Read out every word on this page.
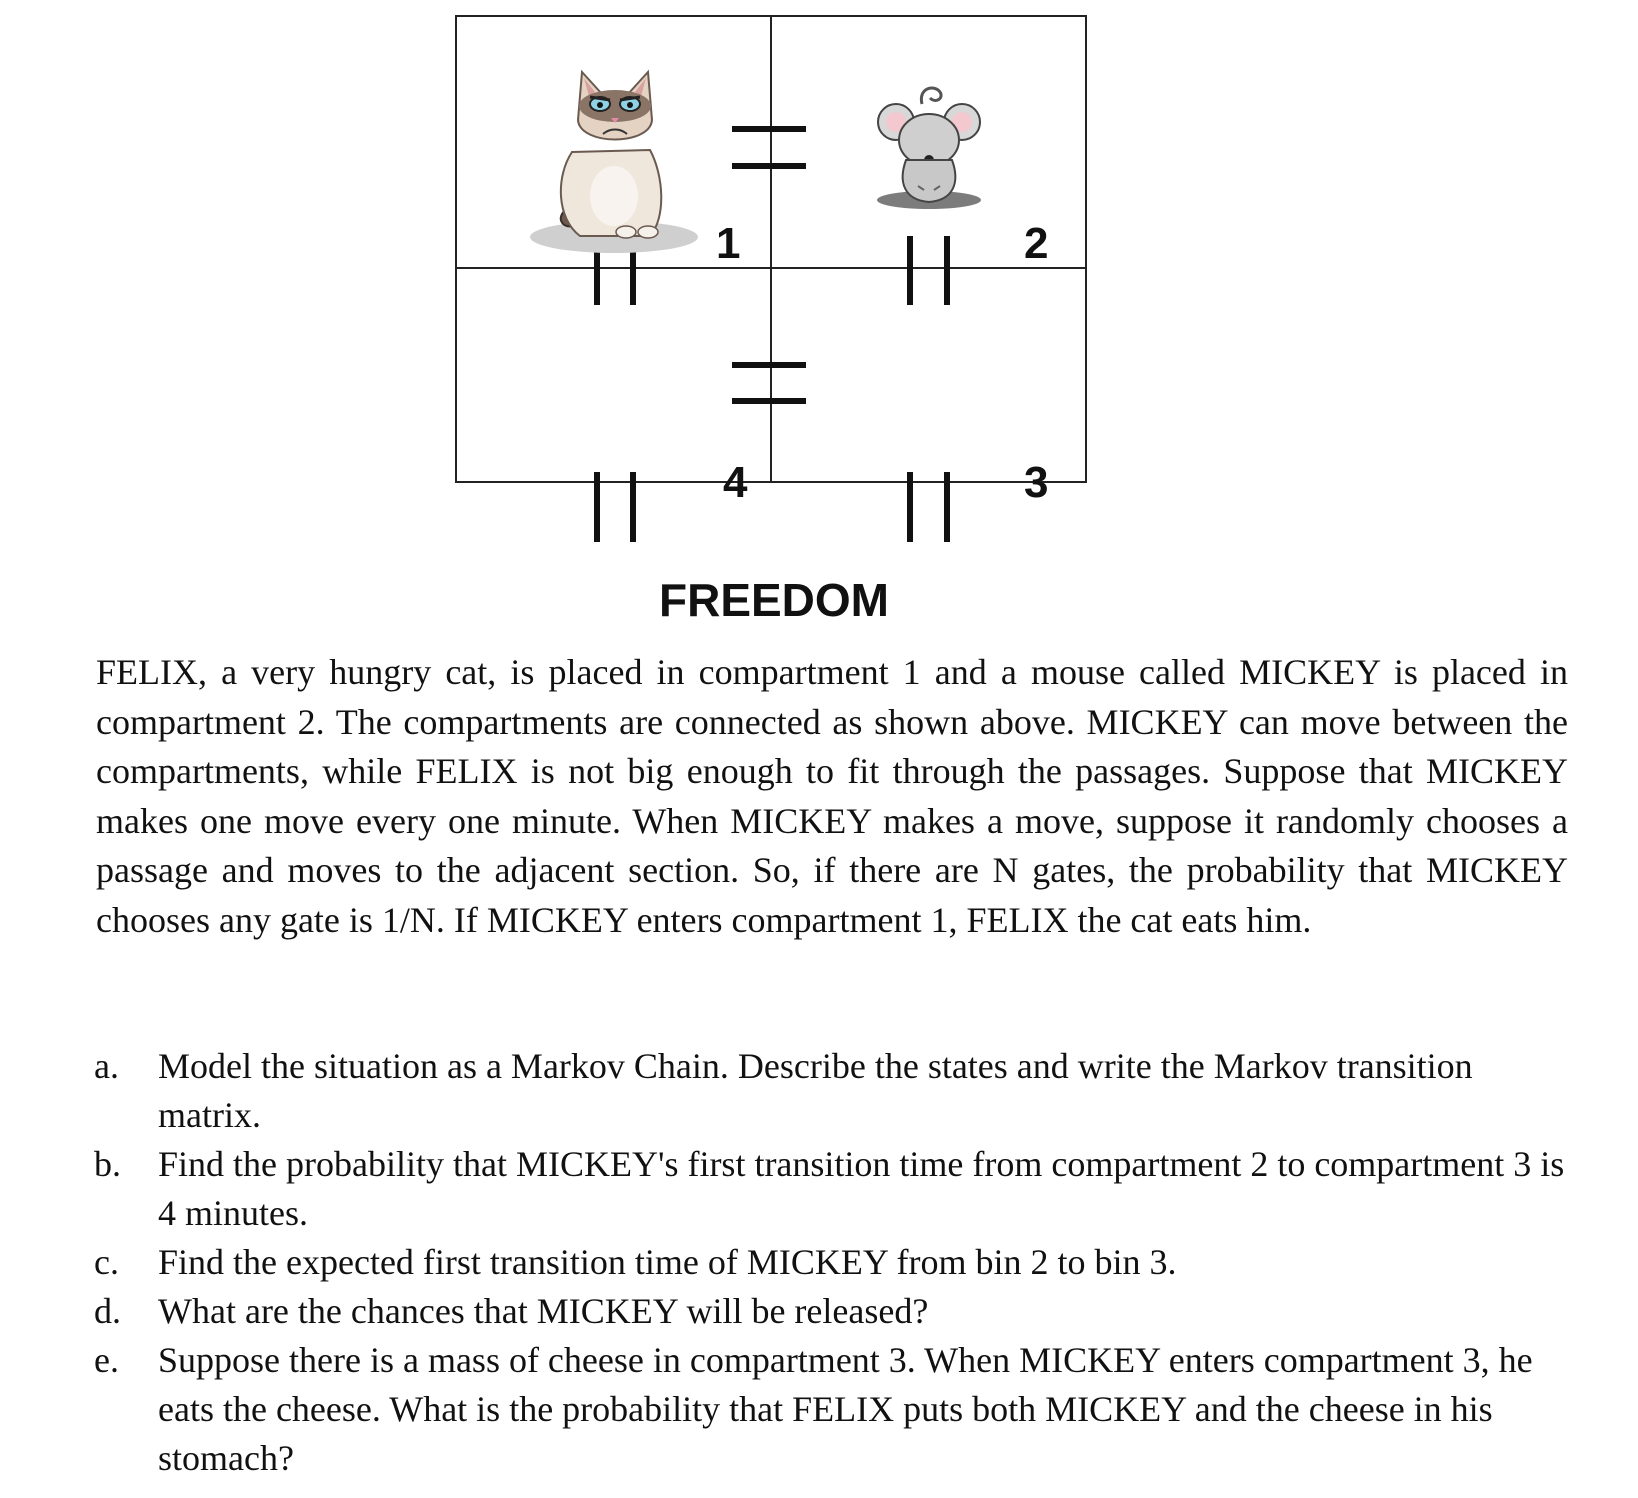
1	2
3
4
FREEDOM

FELIX, a very hungry cat, is placed in compartment 1 and a mouse called MICKEY is placed in compartment 2. The compartments are connected as shown above. MICKEY can move between the compartments, while FELIX is not big enough to fit through the passages. Suppose that MICKEY makes one move every one minute. When MICKEY makes a move, suppose it randomly chooses a passage and moves to the adjacent section. So, if there are N gates, the probability that MICKEY chooses any gate is 1/N. If MICKEY enters compartment 1, FELIX the cat eats him.

a.	Model the situation as a Markov Chain. Describe the states and write the Markov transition matrix.
b.	Find the probability that MICKEY's first transition time from compartment 2 to compartment 3 is 4 minutes.
c.	Find the expected first transition time of MICKEY from bin 2 to bin 3.
d.	What are the chances that MICKEY will be released?
e.	Suppose there is a mass of cheese in compartment 3. When MICKEY enters compartment 3, he eats the cheese. What is the probability that FELIX puts both MICKEY and the cheese in his stomach?
